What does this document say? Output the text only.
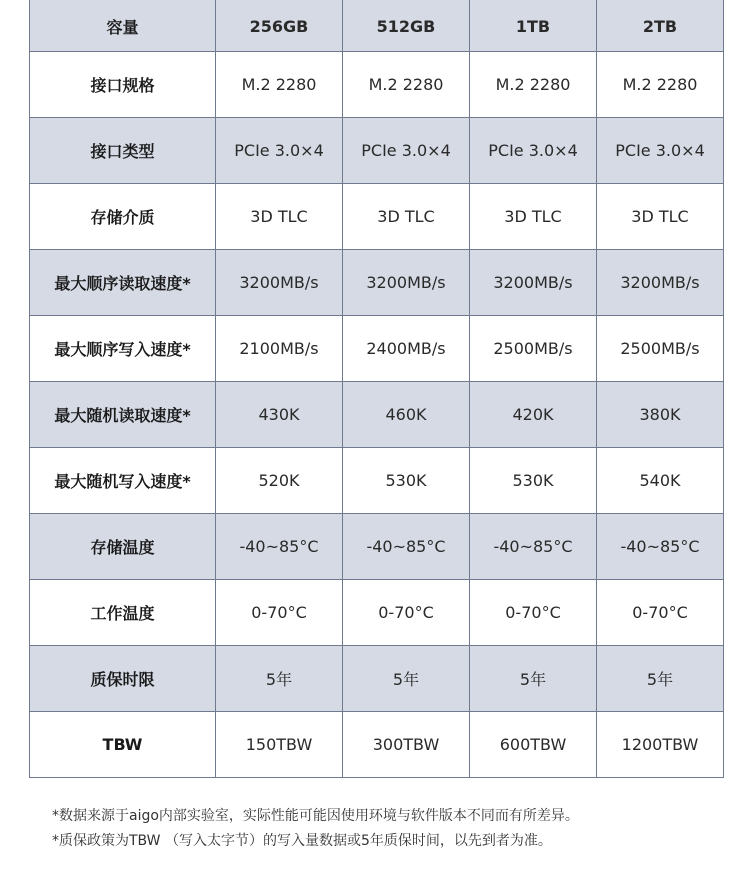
容量	256GB	512GB	1TB	2TB

接口规格	M.2 2280	M.2 2280	M.2 2280	M.2 2280
接口类型	PCIe 3.0×4	PCIe 3.0×4	PCIe 3.0×4	PCIe 3.0×4
存储介质	3D TLC	3D TLC	3D TLC	3D TLC
最大顺序读取速度*	3200MB/s	3200MB/s	3200MB/s	3200MB/s
最大顺序写入速度*	2100MB/s	2400MB/s	2500MB/s	2500MB/s
最大随机读取速度*	430K	460K	420K	380K
最大随机写入速度*	520K	530K	530K	540K
存储温度	-40~85°C	-40~85°C	-40~85°C	-40~85°C
工作温度	0-70°C	0-70°C	0-70°C	0-70°C
质保时限	5年	5年	5年	5年
TBW	150TBW	300TBW	600TBW	1200TBW

*数据来源于aigo内部实验室，实际性能可能因使用环境与软件版本不同而有所差异。

*质保政策为TBW （写入太字节）的写入量数据或5年质保时间，以先到者为准。
